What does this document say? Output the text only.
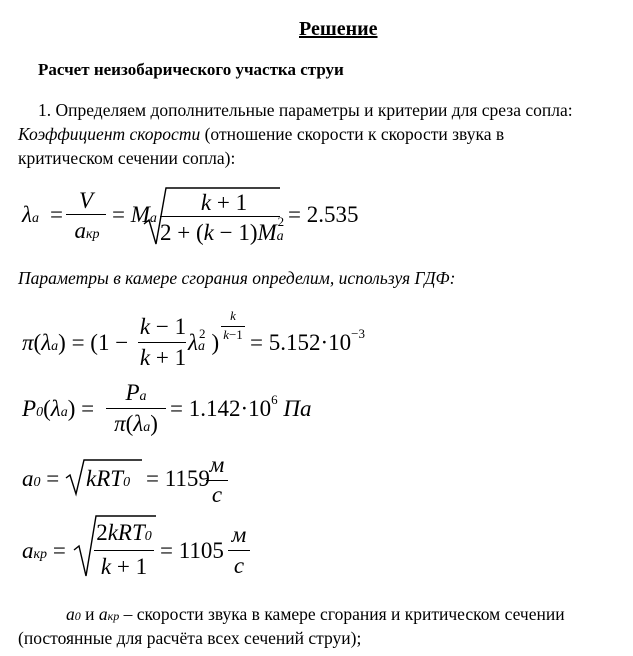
Решение
Расчет неизобарического участка струи
1. Определяем дополнительные параметры и критерии для среза сопла:
Коэффициент скорости (отношение скорости к скорости звука в
критическом сечении сопла):
λa =
V
aкр
= Ma
k + 1
$2 + (k - 1)Ma^2 = 2.535$
Параметры в камере сгорания определим, используя ГДФ:
π(λa) = (1 −
k − 1
k + 1
$\lambda a^2$ )
k
$k-1 = 5.152\cdot 10^{-3}$
P0(λa) =
Pa
π(λa)
= $1.142\cdot 10^6$ Па
a0 = kRT0 = 1159
м
с
aкр =
2kRT0
k + 1
= 1105
м
с
a0 и aкр – скорости звука в камере сгорания и критическом сечении
(постоянные для расчёта всех сечений струи);
